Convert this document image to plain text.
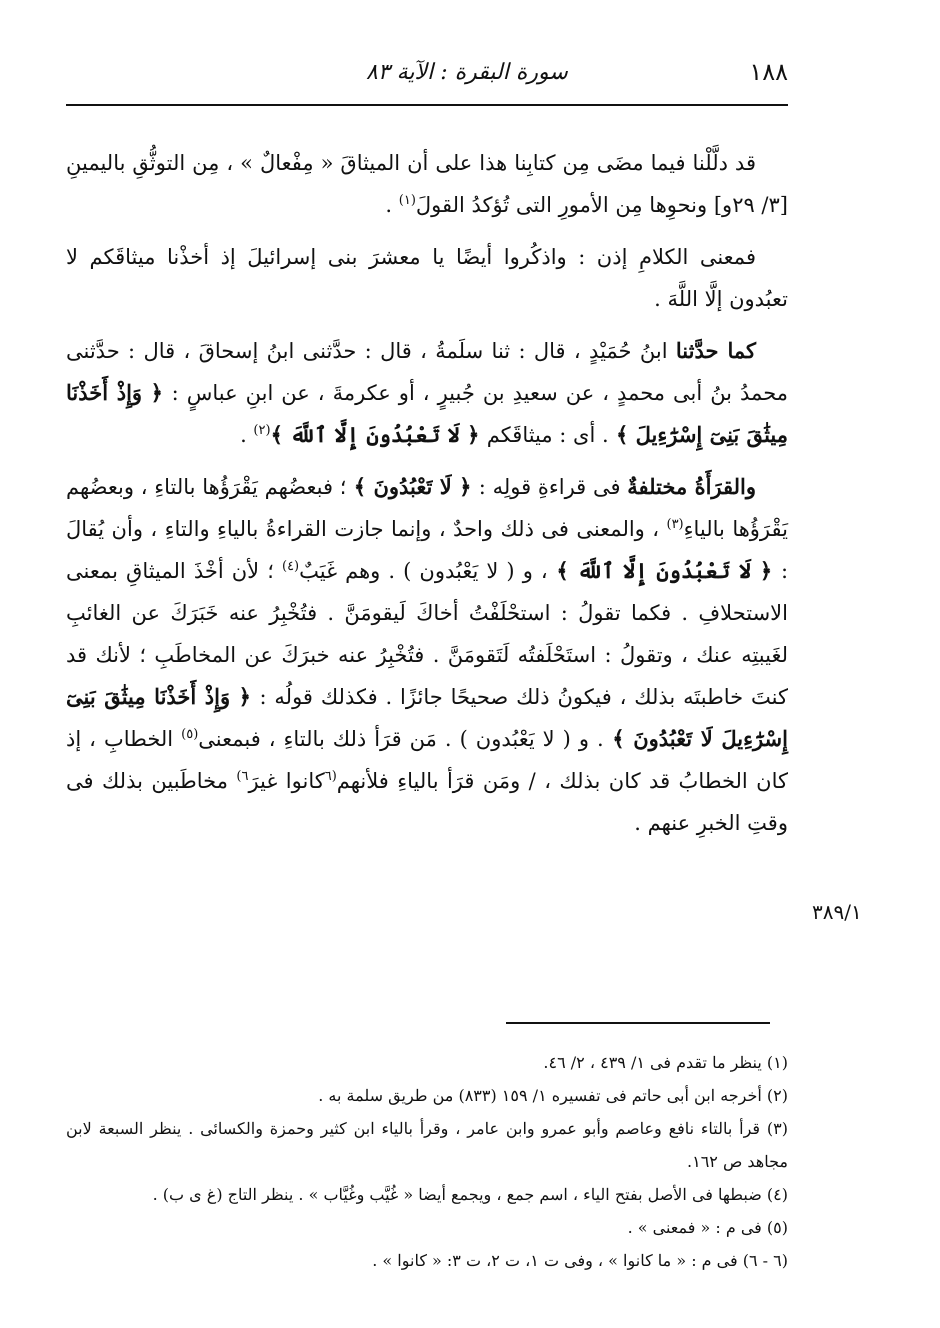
١٨٨
سورة البقرة : الآية ٨٣

قد دلَّلْنا فيما مضَى مِن كتابِنا هذا على أن الميثاقَ « مِفْعالٌ » ، مِن التوثُّقِ باليمينِ [٣/ ٢٩و] ونحوِها مِن الأمورِ التى تُؤكدُ القولَ$^{(١)}$ .

فمعنى الكلامِ إذن : واذكُروا أيضًا يا معشرَ بنى إسرائيلَ إذ أخذْنا ميثاقَكم لا تعبُدون إلَّا اللَّهَ .

كما حدَّثنا ابنُ حُمَيْدٍ ، قال : ثنا سلَمةُ ، قال : حدَّثنى ابنُ إسحاقَ ، قال : حدَّثنى محمدُ بنُ أبى محمدٍ ، عن سعيدِ بن جُبيرٍ ، أو عكرمةَ ، عن ابنِ عباسٍ : ﴿ وَإِذْ أَخَذْنَا مِيثَٰقَ بَنِىٓ إِسْرَٰٓءِيلَ ﴾ . أى : ميثاقَكم ﴿ لَا تَعْبُدُونَ إِلَّا ٱللَّهَ ﴾$^{(٢)}$ .

والقرَأَةُ مختلفةٌ فى قراءةِ قولِه : ﴿ لَا تَعْبُدُونَ ﴾ ؛ فبعضُهم يَقْرَؤُها بالتاءِ ، وبعضُهم يَقْرَؤُها بالياءِ$^{(٣)}$ ، والمعنى فى ذلك واحدٌ ، وإنما جازت القراءةُ بالياءِ والتاءِ ، وأن يُقالَ : ﴿ لَا تَعْبُدُونَ إِلَّا ٱللَّهَ ﴾ ، و ( لا يَعْبُدون ) . وهم غَيَبٌ$^{(٤)}$ ؛ لأن أخْذَ الميثاقِ بمعنى الاستحلافِ . فكما تقولُ : استحْلَفْتُ أخاكَ لَيقومَنَّ . فتُخْبِرُ عنه خَبَرَكَ عن الغائبِ لغَيبتِه عنك ، وتقولُ : استَحْلَفتُه لَتَقومَنَّ . فتُخْبِرُ عنه خبرَكَ عن المخاطَبِ ؛ لأنك قد كنتَ خاطبتَه بذلك ، فيكونُ ذلك صحيحًا جائزًا . فكذلك قولُه : ﴿ وَإِذْ أَخَذْنَا مِيثَٰقَ بَنِىٓ إِسْرَٰٓءِيلَ لَا تَعْبُدُونَ ﴾ . و ( لا يَعْبُدون ) . مَن قرَأ ذلك بالتاءِ ، فبمعنى$^{(٥)}$ الخطابِ ، إذ كان الخطابُ قد كان بذلك ، / ومَن قرَأ بالياءِ فلأنهم$^{(٦}$كانوا غيرَ$^{٦)}$ مخاطَبين بذلك فى وقتِ الخبرِ عنهم .

٣٨٩/١

(١) ينظر ما تقدم فى ١/ ٤٣٩ ، ٢/ ٤٦.

(٢) أخرجه ابن أبى حاتم فى تفسيره ١/ ١٥٩ (٨٣٣) من طريق سلمة به .

(٣) قرأ بالتاء نافع وعاصم وأبو عمرو وابن عامر ، وقرأ بالياء ابن كثير وحمزة والكسائى . ينظر السبعة لابن مجاهد ص ١٦٢.

(٤) ضبطها فى الأصل بفتح الياء ، اسم جمع ، ويجمع أيضا « غُيَّب وغُيَّاب » . ينظر التاج (غ ى ب) .

(٥) فى م : « فمعنى » .

(٦ - ٦) فى م : « ما كانوا » ، وفى ت ١، ت ٢، ت ٣: « كانوا » .
